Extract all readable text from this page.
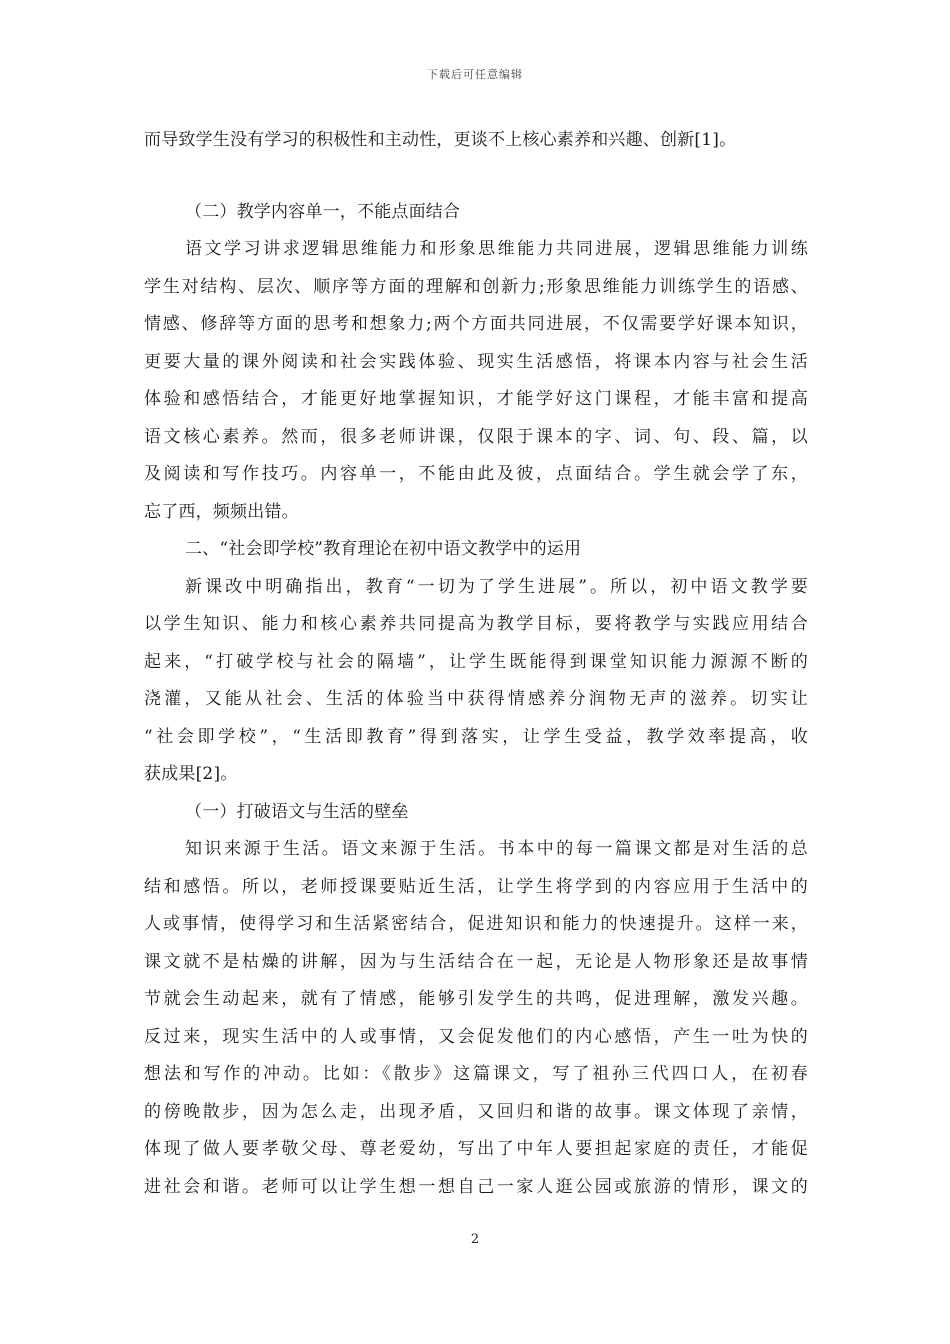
下载后可任意编辑
而导致学生没有学习的积极性和主动性，更谈不上核心素养和兴趣、创新[1]。
（二）教学内容单一，不能点面结合
语文学习讲求逻辑思维能力和形象思维能力共同进展，逻辑思维能力训练
学生对结构、层次、顺序等方面的理解和创新力;形象思维能力训练学生的语感、
情感、修辞等方面的思考和想象力;两个方面共同进展，不仅需要学好课本知识，
更要大量的课外阅读和社会实践体验、现实生活感悟，将课本内容与社会生活
体验和感悟结合，才能更好地掌握知识，才能学好这门课程，才能丰富和提高
语文核心素养。然而，很多老师讲课，仅限于课本的字、词、句、段、篇，以
及阅读和写作技巧。内容单一，不能由此及彼，点面结合。学生就会学了东，
忘了西，频频出错。
二、“社会即学校”教育理论在初中语文教学中的运用
新课改中明确指出，教育“一切为了学生进展”。所以，初中语文教学要
以学生知识、能力和核心素养共同提高为教学目标，要将教学与实践应用结合
起来，“打破学校与社会的隔墙”，让学生既能得到课堂知识能力源源不断的
浇灌，又能从社会、生活的体验当中获得情感养分润物无声的滋养。切实让
“社会即学校”，“生活即教育”得到落实，让学生受益，教学效率提高，收
获成果[2]。
（一）打破语文与生活的壁垒
知识来源于生活。语文来源于生活。书本中的每一篇课文都是对生活的总
结和感悟。所以，老师授课要贴近生活，让学生将学到的内容应用于生活中的
人或事情，使得学习和生活紧密结合，促进知识和能力的快速提升。这样一来，
课文就不是枯燥的讲解，因为与生活结合在一起，无论是人物形象还是故事情
节就会生动起来，就有了情感，能够引发学生的共鸣，促进理解，激发兴趣。
反过来，现实生活中的人或事情，又会促发他们的内心感悟，产生一吐为快的
想法和写作的冲动。比如：《散步》这篇课文，写了祖孙三代四口人，在初春
的傍晚散步，因为怎么走，出现矛盾，又回归和谐的故事。课文体现了亲情，
体现了做人要孝敬父母、尊老爱幼，写出了中年人要担起家庭的责任，才能促
进社会和谐。老师可以让学生想一想自己一家人逛公园或旅游的情形，课文的
2
